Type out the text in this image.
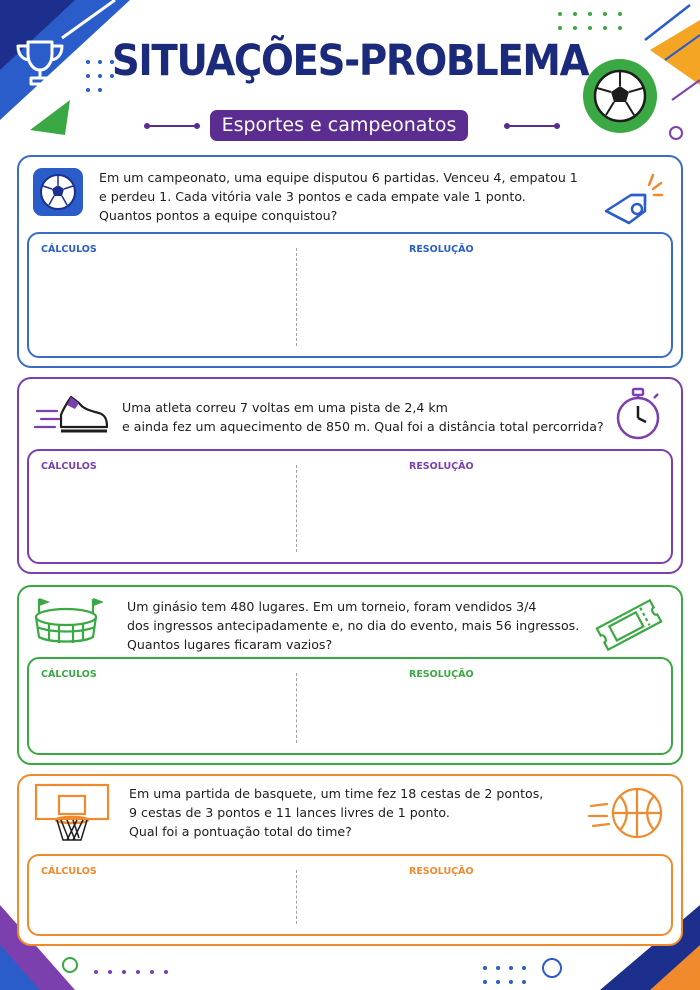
SITUAÇÕES-PROBLEMA
Esportes e campeonatos
Em um campeonato, uma equipe disputou 6 partidas. Venceu 4, empatou 1
e perdeu 1. Cada vitória vale 3 pontos e cada empate vale 1 ponto.
Quantos pontos a equipe conquistou?
CÁLCULOS	RESOLUÇÃO
Uma atleta correu 7 voltas em uma pista de 2,4 km
e ainda fez um aquecimento de 850 m. Qual foi a distância total percorrida?
CÁLCULOS	RESOLUÇÃO
Um ginásio tem 480 lugares. Em um torneio, foram vendidos 3/4
dos ingressos antecipadamente e, no dia do evento, mais 56 ingressos.
Quantos lugares ficaram vazios?
CÁLCULOS	RESOLUÇÃO
Em uma partida de basquete, um time fez 18 cestas de 2 pontos,
9 cestas de 3 pontos e 11 lances livres de 1 ponto.
Qual foi a pontuação total do time?
CÁLCULOS	RESOLUÇÃO
